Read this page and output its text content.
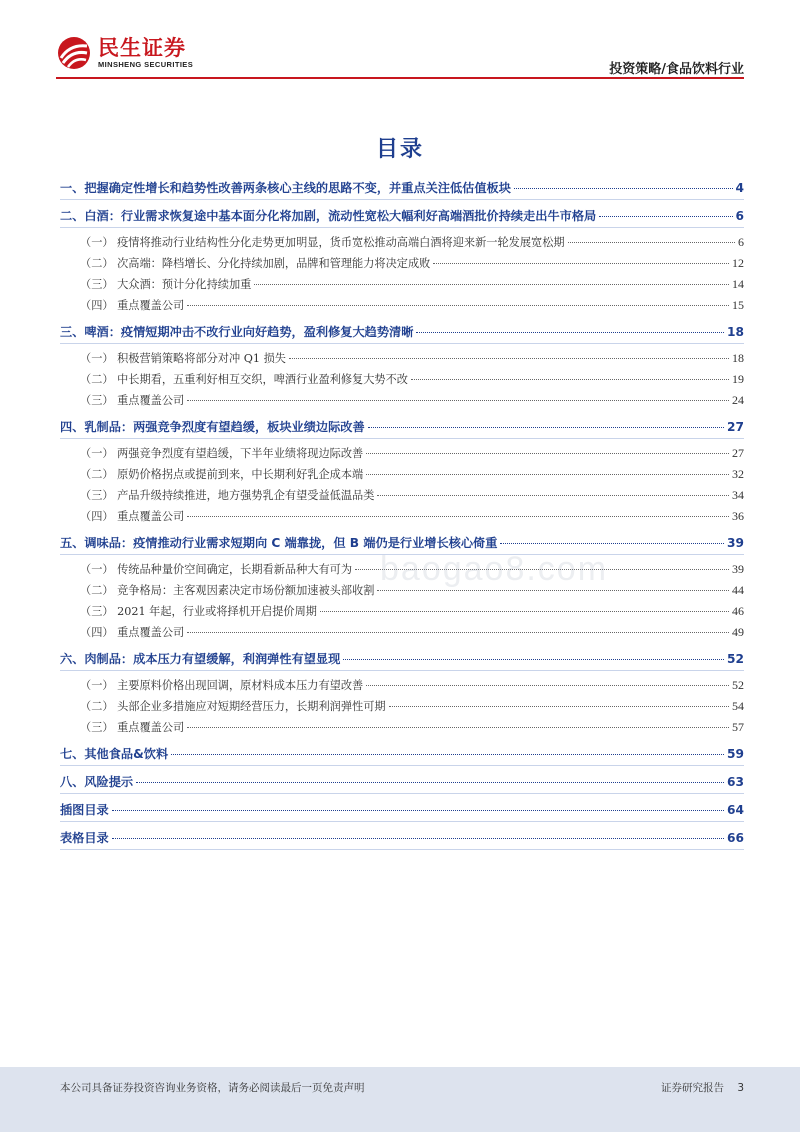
民生证券
MINSHENG SECURITIES	投资策略/食品饮料行业
目录
一、把握确定性增长和趋势性改善两条核心主线的思路不变，并重点关注低估值板块	4
二、白酒：行业需求恢复途中基本面分化将加剧，流动性宽松大幅利好高端酒批价持续走出牛市格局	6
（一） 疫情将推动行业结构性分化走势更加明显，货币宽松推动高端白酒将迎来新一轮发展宽松期	6
（二） 次高端：降档增长、分化持续加剧，品牌和管理能力将决定成败	12
（三） 大众酒：预计分化持续加重	14
（四） 重点覆盖公司	15
三、啤酒：疫情短期冲击不改行业向好趋势，盈利修复大趋势清晰	18
（一） 积极营销策略将部分对冲 Q1 损失	18
（二） 中长期看，五重利好相互交织，啤酒行业盈利修复大势不改	19
（三） 重点覆盖公司	24
四、乳制品：两强竞争烈度有望趋缓，板块业绩边际改善	27
（一） 两强竞争烈度有望趋缓，下半年业绩将现边际改善	27
（二） 原奶价格拐点或提前到来，中长期利好乳企成本端	32
（三） 产品升级持续推进，地方强势乳企有望受益低温品类	34
（四） 重点覆盖公司	36
五、调味品：疫情推动行业需求短期向 C 端靠拢，但 B 端仍是行业增长核心倚重	39
（一） 传统品种量价空间确定，长期看新品种大有可为	39
（二） 竞争格局：主客观因素决定市场份额加速被头部收割	44
（三） 2021 年起，行业或将择机开启提价周期	46
（四） 重点覆盖公司	49
六、肉制品：成本压力有望缓解，利润弹性有望显现	52
（一） 主要原料价格出现回调，原材料成本压力有望改善	52
（二） 头部企业多措施应对短期经营压力，长期利润弹性可期	54
（三） 重点覆盖公司	57
七、其他食品&饮料	59
八、风险提示	63
插图目录	64
表格目录	66
baogao8.com
本公司具备证券投资咨询业务资格，请务必阅读最后一页免责声明	证券研究报告 3
